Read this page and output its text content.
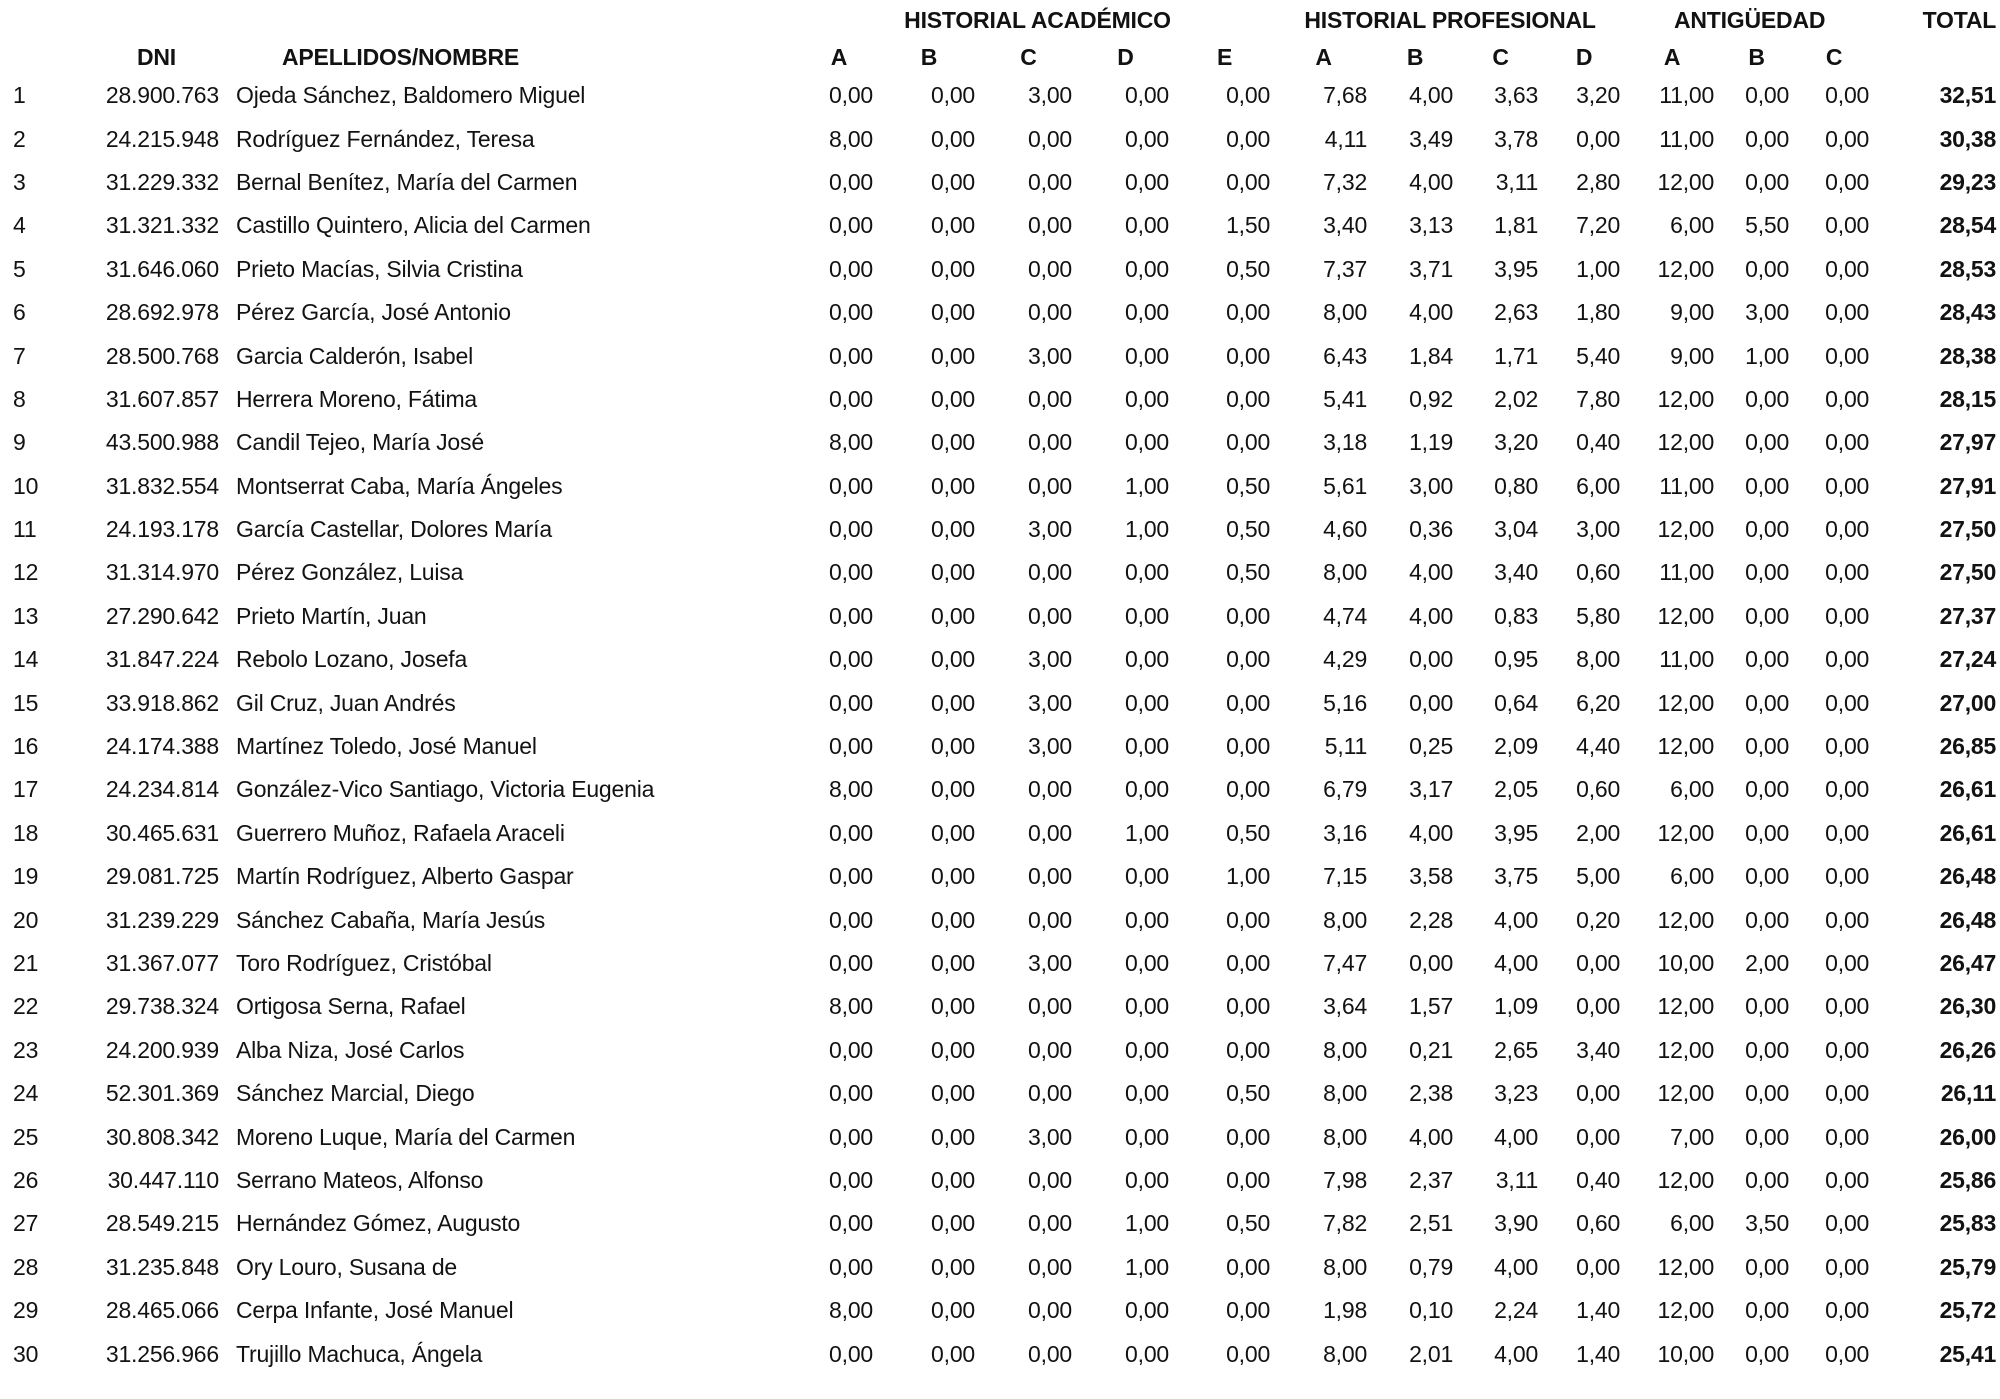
			HISTORIAL ACADÉMICO					HISTORIAL PROFESIONAL				ANTIGÜEDAD			TOTAL
	DNI	APELLIDOS/NOMBRE	A	B	C	D	E	A	B	C	D	A	B	C	
1	28.900.763	Ojeda Sánchez, Baldomero Miguel	0,00	0,00	3,00	0,00	0,00	7,68	4,00	3,63	3,20	11,00	0,00	0,00	32,51
2	24.215.948	Rodríguez Fernández, Teresa	8,00	0,00	0,00	0,00	0,00	4,11	3,49	3,78	0,00	11,00	0,00	0,00	30,38
3	31.229.332	Bernal Benítez, María del Carmen	0,00	0,00	0,00	0,00	0,00	7,32	4,00	3,11	2,80	12,00	0,00	0,00	29,23
4	31.321.332	Castillo Quintero, Alicia del Carmen	0,00	0,00	0,00	0,00	1,50	3,40	3,13	1,81	7,20	6,00	5,50	0,00	28,54
5	31.646.060	Prieto Macías, Silvia Cristina	0,00	0,00	0,00	0,00	0,50	7,37	3,71	3,95	1,00	12,00	0,00	0,00	28,53
6	28.692.978	Pérez García, José Antonio	0,00	0,00	0,00	0,00	0,00	8,00	4,00	2,63	1,80	9,00	3,00	0,00	28,43
7	28.500.768	Garcia Calderón, Isabel	0,00	0,00	3,00	0,00	0,00	6,43	1,84	1,71	5,40	9,00	1,00	0,00	28,38
8	31.607.857	Herrera Moreno, Fátima	0,00	0,00	0,00	0,00	0,00	5,41	0,92	2,02	7,80	12,00	0,00	0,00	28,15
9	43.500.988	Candil Tejeo, María José	8,00	0,00	0,00	0,00	0,00	3,18	1,19	3,20	0,40	12,00	0,00	0,00	27,97
10	31.832.554	Montserrat Caba, María Ángeles	0,00	0,00	0,00	1,00	0,50	5,61	3,00	0,80	6,00	11,00	0,00	0,00	27,91
11	24.193.178	García Castellar, Dolores María	0,00	0,00	3,00	1,00	0,50	4,60	0,36	3,04	3,00	12,00	0,00	0,00	27,50
12	31.314.970	Pérez González, Luisa	0,00	0,00	0,00	0,00	0,50	8,00	4,00	3,40	0,60	11,00	0,00	0,00	27,50
13	27.290.642	Prieto Martín, Juan	0,00	0,00	0,00	0,00	0,00	4,74	4,00	0,83	5,80	12,00	0,00	0,00	27,37
14	31.847.224	Rebolo Lozano, Josefa	0,00	0,00	3,00	0,00	0,00	4,29	0,00	0,95	8,00	11,00	0,00	0,00	27,24
15	33.918.862	Gil Cruz, Juan Andrés	0,00	0,00	3,00	0,00	0,00	5,16	0,00	0,64	6,20	12,00	0,00	0,00	27,00
16	24.174.388	Martínez Toledo, José Manuel	0,00	0,00	3,00	0,00	0,00	5,11	0,25	2,09	4,40	12,00	0,00	0,00	26,85
17	24.234.814	González-Vico Santiago, Victoria Eugenia	8,00	0,00	0,00	0,00	0,00	6,79	3,17	2,05	0,60	6,00	0,00	0,00	26,61
18	30.465.631	Guerrero Muñoz, Rafaela Araceli	0,00	0,00	0,00	1,00	0,50	3,16	4,00	3,95	2,00	12,00	0,00	0,00	26,61
19	29.081.725	Martín Rodríguez, Alberto Gaspar	0,00	0,00	0,00	0,00	1,00	7,15	3,58	3,75	5,00	6,00	0,00	0,00	26,48
20	31.239.229	Sánchez Cabaña, María Jesús	0,00	0,00	0,00	0,00	0,00	8,00	2,28	4,00	0,20	12,00	0,00	0,00	26,48
21	31.367.077	Toro Rodríguez, Cristóbal	0,00	0,00	3,00	0,00	0,00	7,47	0,00	4,00	0,00	10,00	2,00	0,00	26,47
22	29.738.324	Ortigosa Serna, Rafael	8,00	0,00	0,00	0,00	0,00	3,64	1,57	1,09	0,00	12,00	0,00	0,00	26,30
23	24.200.939	Alba Niza, José Carlos	0,00	0,00	0,00	0,00	0,00	8,00	0,21	2,65	3,40	12,00	0,00	0,00	26,26
24	52.301.369	Sánchez Marcial, Diego	0,00	0,00	0,00	0,00	0,50	8,00	2,38	3,23	0,00	12,00	0,00	0,00	26,11
25	30.808.342	Moreno Luque, María del Carmen	0,00	0,00	3,00	0,00	0,00	8,00	4,00	4,00	0,00	7,00	0,00	0,00	26,00
26	30.447.110	Serrano Mateos, Alfonso	0,00	0,00	0,00	0,00	0,00	7,98	2,37	3,11	0,40	12,00	0,00	0,00	25,86
27	28.549.215	Hernández Gómez, Augusto	0,00	0,00	0,00	1,00	0,50	7,82	2,51	3,90	0,60	6,00	3,50	0,00	25,83
28	31.235.848	Ory Louro, Susana de	0,00	0,00	0,00	1,00	0,00	8,00	0,79	4,00	0,00	12,00	0,00	0,00	25,79
29	28.465.066	Cerpa Infante, José Manuel	8,00	0,00	0,00	0,00	0,00	1,98	0,10	2,24	1,40	12,00	0,00	0,00	25,72
30	31.256.966	Trujillo Machuca, Ángela	0,00	0,00	0,00	0,00	0,00	8,00	2,01	4,00	1,40	10,00	0,00	0,00	25,41
